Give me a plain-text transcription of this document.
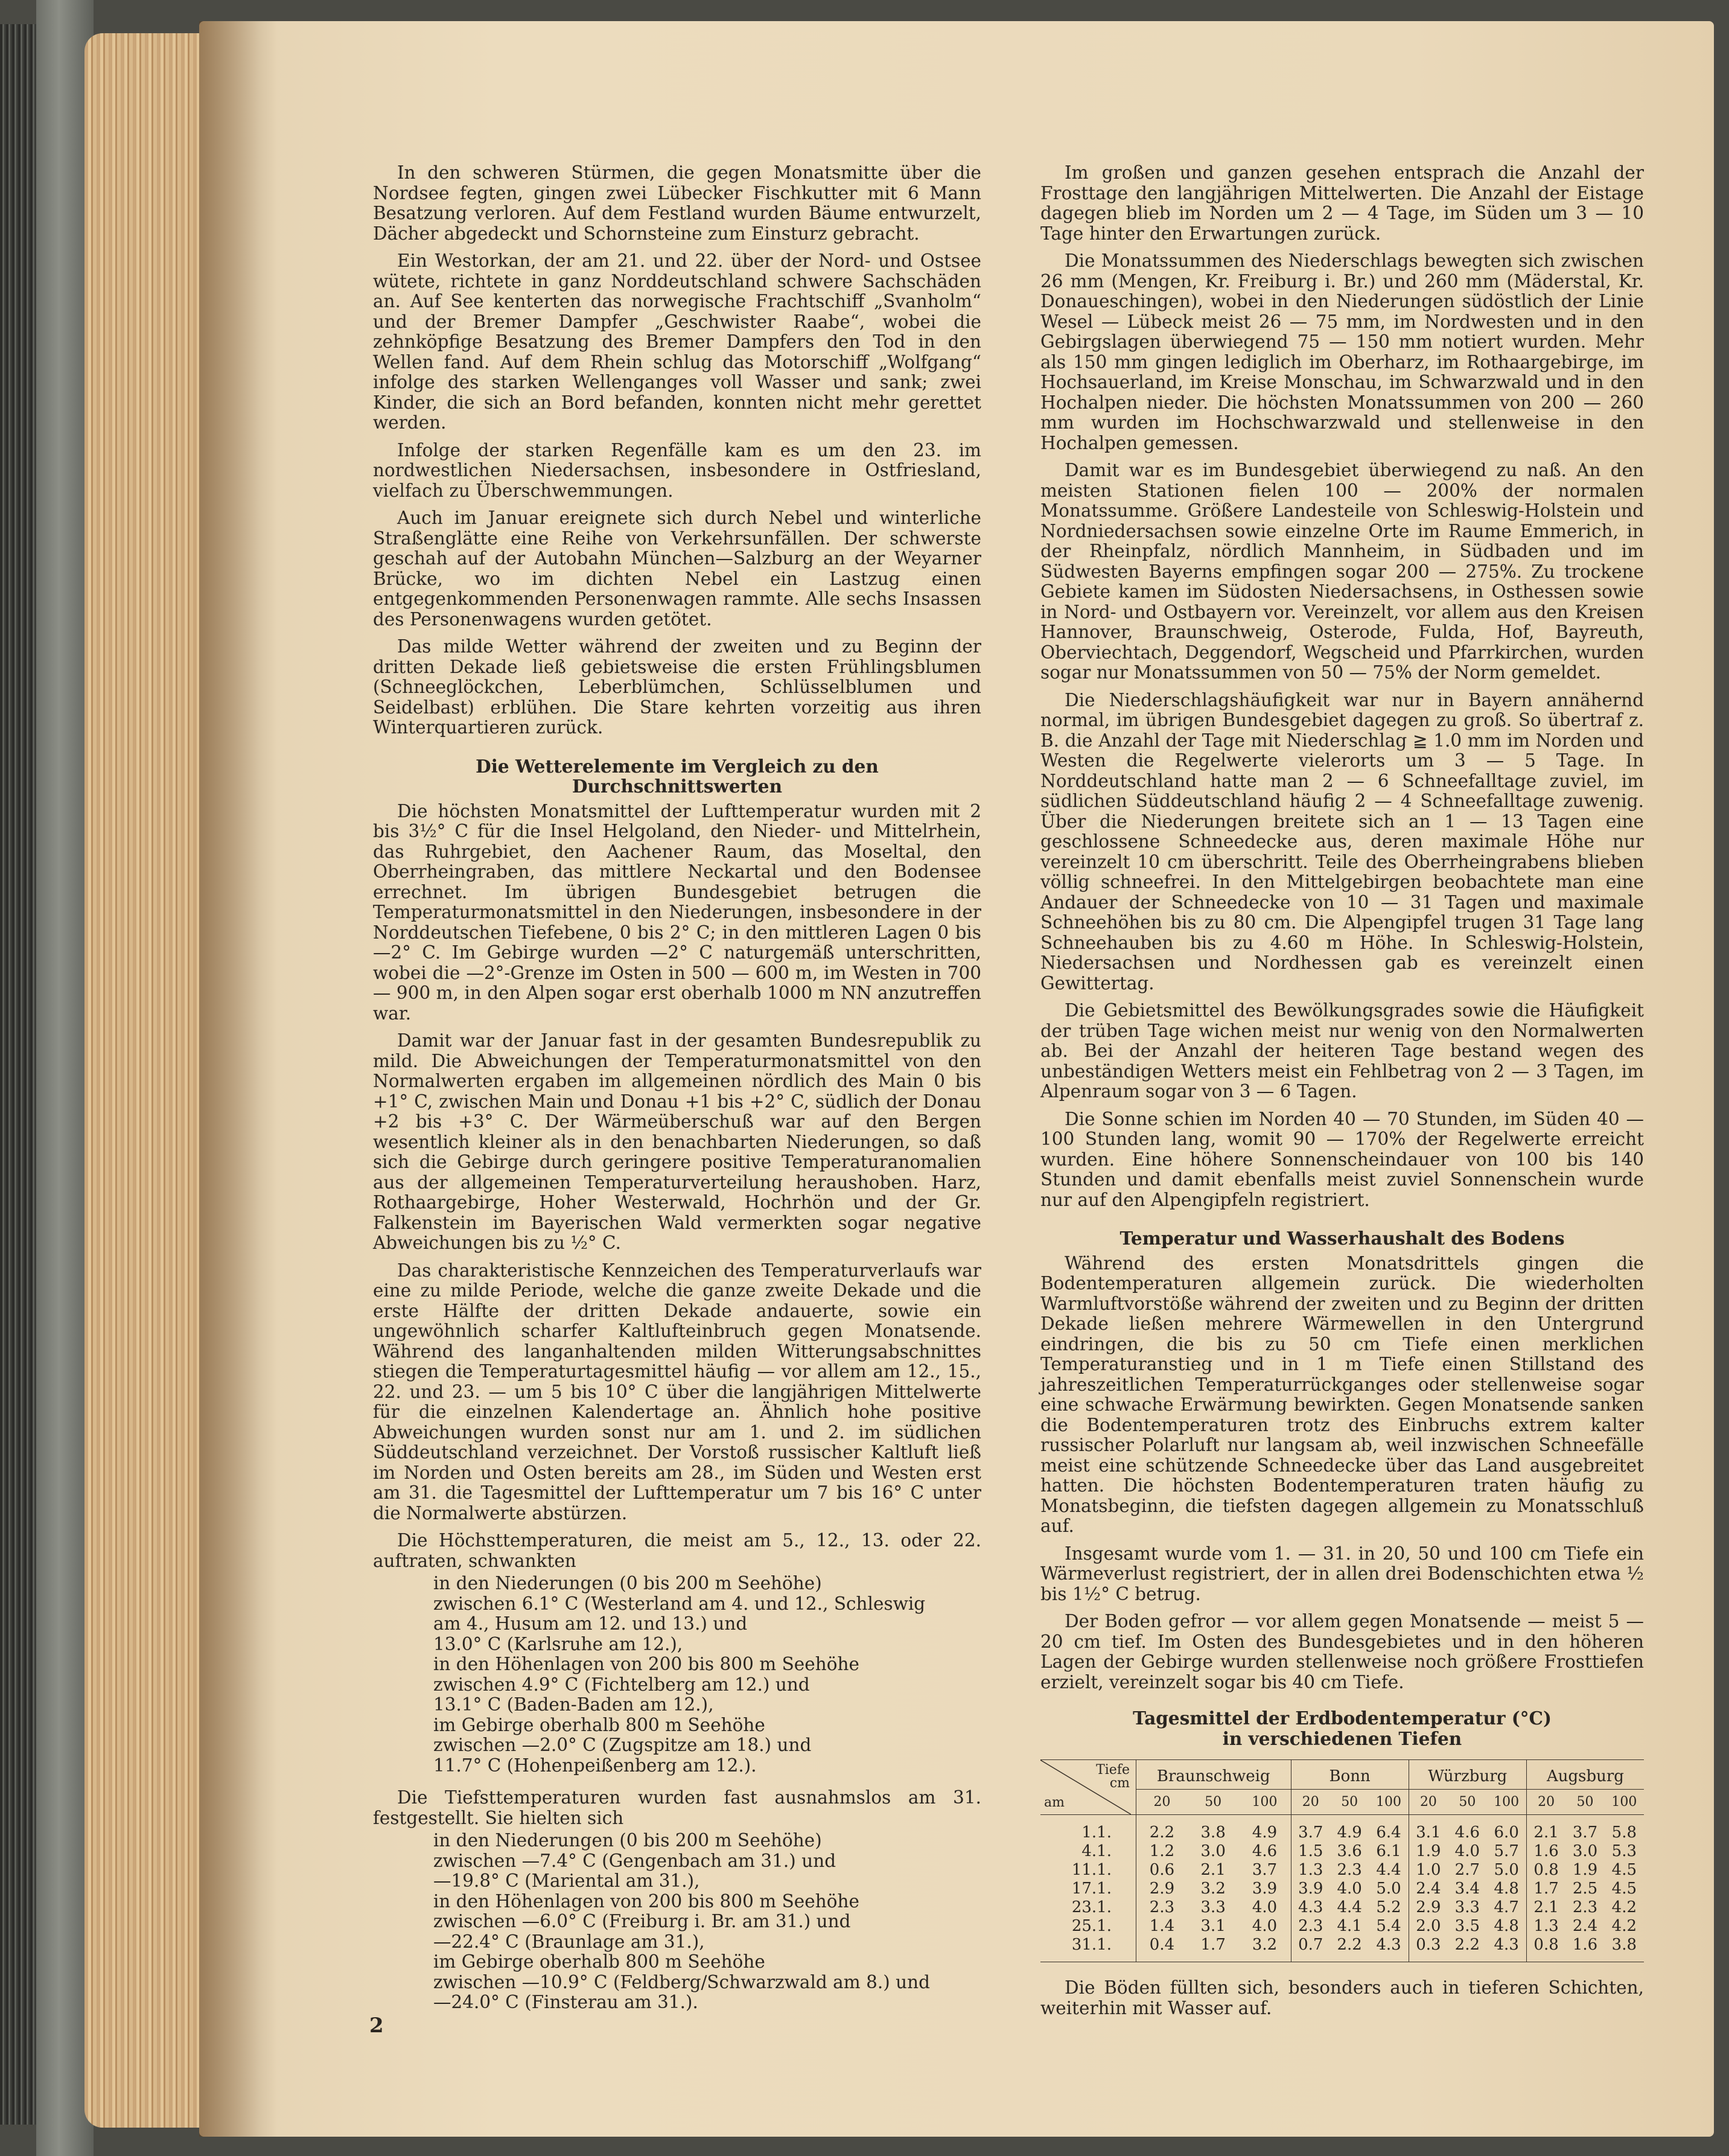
In den schweren Stürmen, die gegen Monatsmitte über die Nordsee fegten, gingen zwei Lübecker Fischkutter mit 6 Mann Besatzung verloren. Auf dem Festland wurden Bäume entwurzelt, Dächer abgedeckt und Schornsteine zum Einsturz gebracht.

Ein Westorkan, der am 21. und 22. über der Nord- und Ostsee wütete, richtete in ganz Norddeutschland schwere Sachschäden an. Auf See kenterten das norwegische Frachtschiff „Svanholm“ und der Bremer Dampfer „Geschwister Raabe“, wobei die zehnköpfige Besatzung des Bremer Dampfers den Tod in den Wellen fand. Auf dem Rhein schlug das Motorschiff „Wolfgang“ infolge des starken Wellenganges voll Wasser und sank; zwei Kinder, die sich an Bord befanden, konnten nicht mehr gerettet werden.

Infolge der starken Regenfälle kam es um den 23. im nordwestlichen Niedersachsen, insbesondere in Ostfriesland, vielfach zu Überschwemmungen.

Auch im Januar ereignete sich durch Nebel und winterliche Straßenglätte eine Reihe von Verkehrsunfällen. Der schwerste geschah auf der Autobahn München—Salzburg an der Weyarner Brücke, wo im dichten Nebel ein Lastzug einen entgegenkommenden Personenwagen rammte. Alle sechs Insassen des Personenwagens wurden getötet.

Das milde Wetter während der zweiten und zu Beginn der dritten Dekade ließ gebietsweise die ersten Frühlingsblumen (Schneeglöckchen, Leberblümchen, Schlüsselblumen und Seidelbast) erblühen. Die Stare kehrten vorzeitig aus ihren Winterquartieren zurück.

Die Wetterelemente im Vergleich zu den Durchschnittswerten

Die höchsten Monatsmittel der Lufttemperatur wurden mit 2 bis 3½° C für die Insel Helgoland, den Nieder- und Mittelrhein, das Ruhrgebiet, den Aachener Raum, das Moseltal, den Oberrheingraben, das mittlere Neckartal und den Bodensee errechnet. Im übrigen Bundesgebiet betrugen die Temperaturmonatsmittel in den Niederungen, insbesondere in der Norddeutschen Tiefebene, 0 bis 2° C; in den mittleren Lagen 0 bis —2° C. Im Gebirge wurden —2° C naturgemäß unterschritten, wobei die —2°-Grenze im Osten in 500 — 600 m, im Westen in 700 — 900 m, in den Alpen sogar erst oberhalb 1000 m NN anzutreffen war.

Damit war der Januar fast in der gesamten Bundesrepublik zu mild. Die Abweichungen der Temperaturmonatsmittel von den Normalwerten ergaben im allgemeinen nördlich des Main 0 bis +1° C, zwischen Main und Donau +1 bis +2° C, südlich der Donau +2 bis +3° C. Der Wärmeüberschuß war auf den Bergen wesentlich kleiner als in den benachbarten Niederungen, so daß sich die Gebirge durch geringere positive Temperaturanomalien aus der allgemeinen Temperaturverteilung heraushoben. Harz, Rothaargebirge, Hoher Westerwald, Hochrhön und der Gr. Falkenstein im Bayerischen Wald vermerkten sogar negative Abweichungen bis zu ½° C.

Das charakteristische Kennzeichen des Temperaturverlaufs war eine zu milde Periode, welche die ganze zweite Dekade und die erste Hälfte der dritten Dekade andauerte, sowie ein ungewöhnlich scharfer Kaltlufteinbruch gegen Monatsende. Während des langanhaltenden milden Witterungsabschnittes stiegen die Temperaturtagesmittel häufig — vor allem am 12., 15., 22. und 23. — um 5 bis 10° C über die langjährigen Mittelwerte für die einzelnen Kalendertage an. Ähnlich hohe positive Abweichungen wurden sonst nur am 1. und 2. im südlichen Süddeutschland verzeichnet. Der Vorstoß russischer Kaltluft ließ im Norden und Osten bereits am 28., im Süden und Westen erst am 31. die Tagesmittel der Lufttemperatur um 7 bis 16° C unter die Normalwerte abstürzen.

Die Höchsttemperaturen, die meist am 5., 12., 13. oder 22. auftraten, schwankten

in den Niederungen (0 bis 200 m Seehöhe)

zwischen 6.1° C (Westerland am 4. und 12., Schleswig

am 4., Husum am 12. und 13.) und

13.0° C (Karlsruhe am 12.),

in den Höhenlagen von 200 bis 800 m Seehöhe

zwischen 4.9° C (Fichtelberg am 12.) und

13.1° C (Baden-Baden am 12.),

im Gebirge oberhalb 800 m Seehöhe

zwischen —2.0° C (Zugspitze am 18.) und

11.7° C (Hohenpeißenberg am 12.).

Die Tiefsttemperaturen wurden fast ausnahmslos am 31. festgestellt. Sie hielten sich

in den Niederungen (0 bis 200 m Seehöhe)

zwischen —7.4° C (Gengenbach am 31.) und

—19.8° C (Mariental am 31.),

in den Höhenlagen von 200 bis 800 m Seehöhe

zwischen —6.0° C (Freiburg i. Br. am 31.) und

—22.4° C (Braunlage am 31.),

im Gebirge oberhalb 800 m Seehöhe

zwischen —10.9° C (Feldberg/Schwarzwald am 8.) und

—24.0° C (Finsterau am 31.).

Im großen und ganzen gesehen entsprach die Anzahl der Frosttage den langjährigen Mittelwerten. Die Anzahl der Eistage dagegen blieb im Norden um 2 — 4 Tage, im Süden um 3 — 10 Tage hinter den Erwartungen zurück.

Die Monatssummen des Niederschlags bewegten sich zwischen 26 mm (Mengen, Kr. Freiburg i. Br.) und 260 mm (Mäderstal, Kr. Donaueschingen), wobei in den Niederungen südöstlich der Linie Wesel — Lübeck meist 26 — 75 mm, im Nordwesten und in den Gebirgslagen überwiegend 75 — 150 mm notiert wurden. Mehr als 150 mm gingen lediglich im Oberharz, im Rothaargebirge, im Hochsauerland, im Kreise Monschau, im Schwarzwald und in den Hochalpen nieder. Die höchsten Monatssummen von 200 — 260 mm wurden im Hochschwarzwald und stellenweise in den Hochalpen gemessen.

Damit war es im Bundesgebiet überwiegend zu naß. An den meisten Stationen fielen 100 — 200% der normalen Monatssumme. Größere Landesteile von Schleswig-Holstein und Nordniedersachsen sowie einzelne Orte im Raume Emmerich, in der Rheinpfalz, nördlich Mannheim, in Südbaden und im Südwesten Bayerns empfingen sogar 200 — 275%. Zu trockene Gebiete kamen im Südosten Niedersachsens, in Osthessen sowie in Nord- und Ostbayern vor. Vereinzelt, vor allem aus den Kreisen Hannover, Braunschweig, Osterode, Fulda, Hof, Bayreuth, Oberviechtach, Deggendorf, Wegscheid und Pfarrkirchen, wurden sogar nur Monatssummen von 50 — 75% der Norm gemeldet.

Die Niederschlagshäufigkeit war nur in Bayern annähernd normal, im übrigen Bundesgebiet dagegen zu groß. So übertraf z. B. die Anzahl der Tage mit Niederschlag ≧ 1.0 mm im Norden und Westen die Regelwerte vielerorts um 3 — 5 Tage. In Norddeutschland hatte man 2 — 6 Schneefalltage zuviel, im südlichen Süddeutschland häufig 2 — 4 Schneefalltage zuwenig. Über die Niederungen breitete sich an 1 — 13 Tagen eine geschlossene Schneedecke aus, deren maximale Höhe nur vereinzelt 10 cm überschritt. Teile des Oberrheingrabens blieben völlig schneefrei. In den Mittelgebirgen beobachtete man eine Andauer der Schneedecke von 10 — 31 Tagen und maximale Schneehöhen bis zu 80 cm. Die Alpengipfel trugen 31 Tage lang Schneehauben bis zu 4.60 m Höhe. In Schleswig-Holstein, Niedersachsen und Nordhessen gab es vereinzelt einen Gewittertag.

Die Gebietsmittel des Bewölkungsgrades sowie die Häufigkeit der trüben Tage wichen meist nur wenig von den Normalwerten ab. Bei der Anzahl der heiteren Tage bestand wegen des unbeständigen Wetters meist ein Fehlbetrag von 2 — 3 Tagen, im Alpenraum sogar von 3 — 6 Tagen.

Die Sonne schien im Norden 40 — 70 Stunden, im Süden 40 — 100 Stunden lang, womit 90 — 170% der Regelwerte erreicht wurden. Eine höhere Sonnenscheindauer von 100 bis 140 Stunden und damit ebenfalls meist zuviel Sonnenschein wurde nur auf den Alpengipfeln registriert.

Temperatur und Wasserhaushalt des Bodens

Während des ersten Monatsdrittels gingen die Bodentemperaturen allgemein zurück. Die wiederholten Warmluftvorstöße während der zweiten und zu Beginn der dritten Dekade ließen mehrere Wärmewellen in den Untergrund eindringen, die bis zu 50 cm Tiefe einen merklichen Temperaturanstieg und in 1 m Tiefe einen Stillstand des jahreszeitlichen Temperaturrückganges oder stellenweise sogar eine schwache Erwärmung bewirkten. Gegen Monatsende sanken die Bodentemperaturen trotz des Einbruchs extrem kalter russischer Polarluft nur langsam ab, weil inzwischen Schneefälle meist eine schützende Schneedecke über das Land ausgebreitet hatten. Die höchsten Bodentemperaturen traten häufig zu Monatsbeginn, die tiefsten dagegen allgemein zu Monatsschluß auf.

Insgesamt wurde vom 1. — 31. in 20, 50 und 100 cm Tiefe ein Wärmeverlust registriert, der in allen drei Bodenschichten etwa ½ bis 1½° C betrug.

Der Boden gefror — vor allem gegen Monatsende — meist 5 — 20 cm tief. Im Osten des Bundesgebietes und in den höheren Lagen der Gebirge wurden stellenweise noch größere Frosttiefen erzielt, vereinzelt sogar bis 40 cm Tiefe.

Tagesmittel der Erdbodentemperatur (°C)
in verschiedenen Tiefen
Tiefe
cm
am	Braunschweig			Bonn			Würzburg			Augsburg		
	20	50	100	20	50	100	20	50	100	20	50	100
1.1.	2.2	3.8	4.9	3.7	4.9	6.4	3.1	4.6	6.0	2.1	3.7	5.8
4.1.	1.2	3.0	4.6	1.5	3.6	6.1	1.9	4.0	5.7	1.6	3.0	5.3
11.1.	0.6	2.1	3.7	1.3	2.3	4.4	1.0	2.7	5.0	0.8	1.9	4.5
17.1.	2.9	3.2	3.9	3.9	4.0	5.0	2.4	3.4	4.8	1.7	2.5	4.5
23.1.	2.3	3.3	4.0	4.3	4.4	5.2	2.9	3.3	4.7	2.1	2.3	4.2
25.1.	1.4	3.1	4.0	2.3	4.1	5.4	2.0	3.5	4.8	1.3	2.4	4.2
31.1.	0.4	1.7	3.2	0.7	2.2	4.3	0.3	2.2	4.3	0.8	1.6	3.8

Die Böden füllten sich, besonders auch in tieferen Schichten, weiterhin mit Wasser auf.

2
